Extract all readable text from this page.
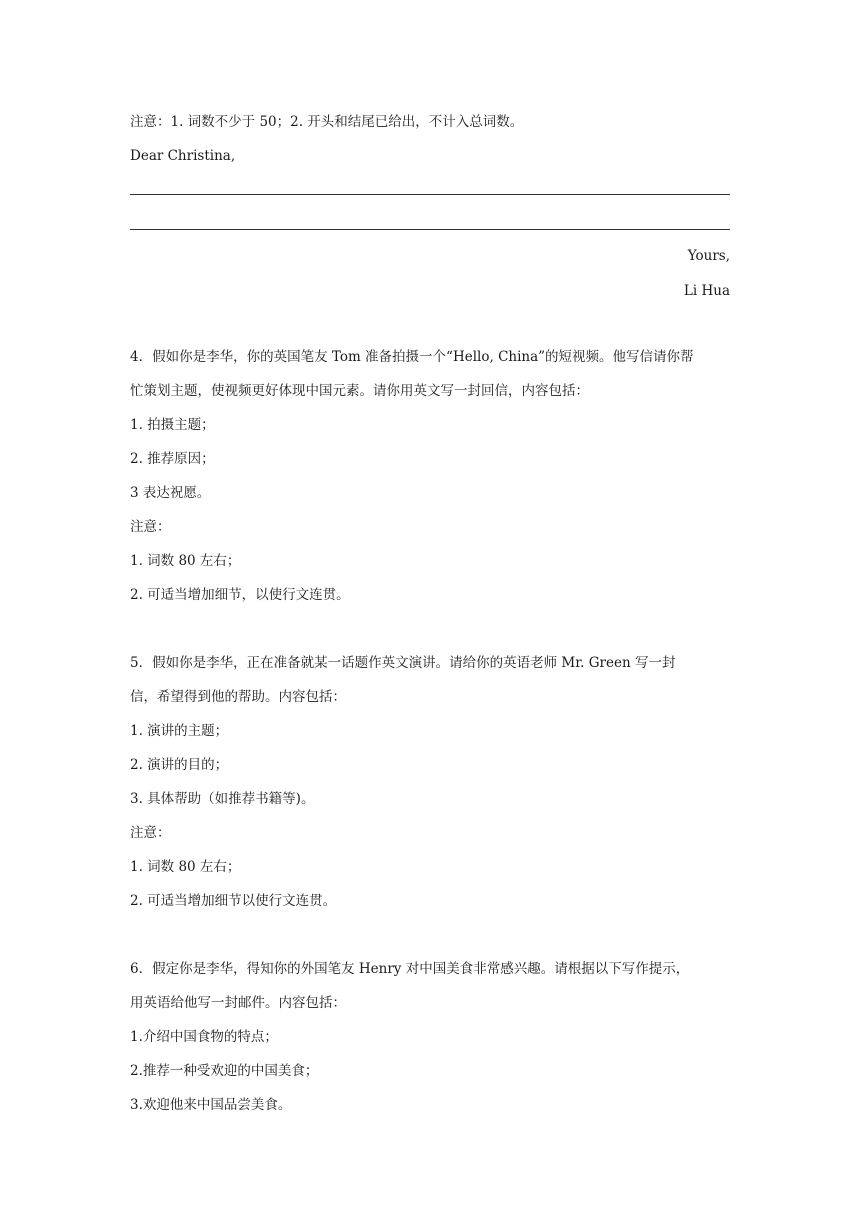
注意：1. 词数不少于 50；2. 开头和结尾已给出，不计入总词数。
Dear Christina,
Yours,
Li Hua
4．假如你是李华，你的英国笔友 Tom 准备拍摄一个“Hello, China”的短视频。他写信请你帮
忙策划主题，使视频更好体现中国元素。请你用英文写一封回信，内容包括：
1. 拍摄主题；
2. 推荐原因；
3 表达祝愿。
注意：
1. 词数 80 左右；
2. 可适当增加细节，以使行文连贯。
5．假如你是李华，正在准备就某一话题作英文演讲。请给你的英语老师 Mr. Green 写一封
信，希望得到他的帮助。内容包括：
1. 演讲的主题；
2. 演讲的目的；
3. 具体帮助（如推荐书籍等)。
注意：
1. 词数 80 左右；
2. 可适当增加细节以使行文连贯。
6．假定你是李华，得知你的外国笔友 Henry 对中国美食非常感兴趣。请根据以下写作提示，
用英语给他写一封邮件。内容包括：
1.介绍中国食物的特点；
2.推荐一种受欢迎的中国美食；
3.欢迎他来中国品尝美食。
